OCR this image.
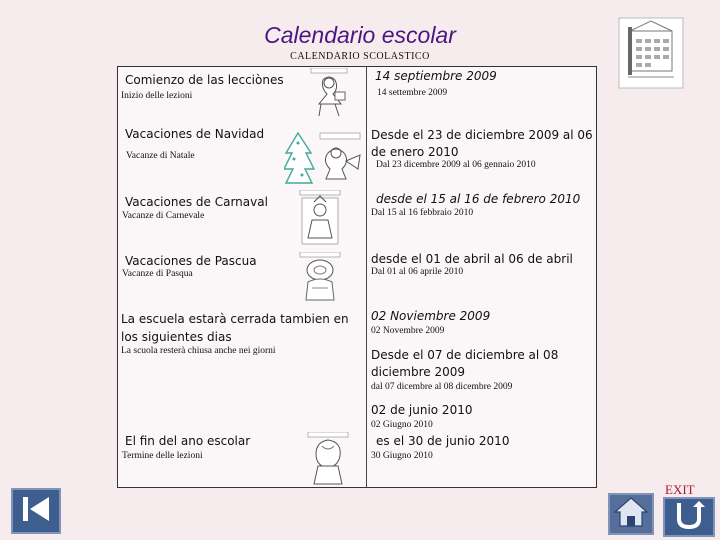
Calendario escolar
CALENDARIO SCOLASTICO
Comienzo de las lecciònes
Inizio delle lezioni
14 septiembre 2009
14 settembre 2009
Vacaciones de Navidad
Vacanze di Natale
Desde el 23 de diciembre 2009 al 06 de enero 2010
Dal 23 dicembre 2009 al 06 gennaio 2010
Vacaciones de Carnaval
Vacanze di Carnevale
desde el 15 al 16 de febrero 2010
Dal 15 al 16 febbraio 2010
Vacaciones de Pascua
Vacanze di Pasqua
desde el 01 de abril al 06 de abril
Dal 01 al 06 aprile 2010
La escuela estarà cerrada tambien en los siguientes dias
La scuola resterà chiusa anche nei giorni
02 Noviembre 2009
02 Novembre 2009
Desde el 07 de diciembre al 08 diciembre 2009
dal 07 dicembre al 08 dicembre 2009
02 de junio 2010
02 Giugno 2010
El fin del ano escolar
Termine delle lezioni
es el 30 de junio 2010
30 Giugno 2010
EXIT
